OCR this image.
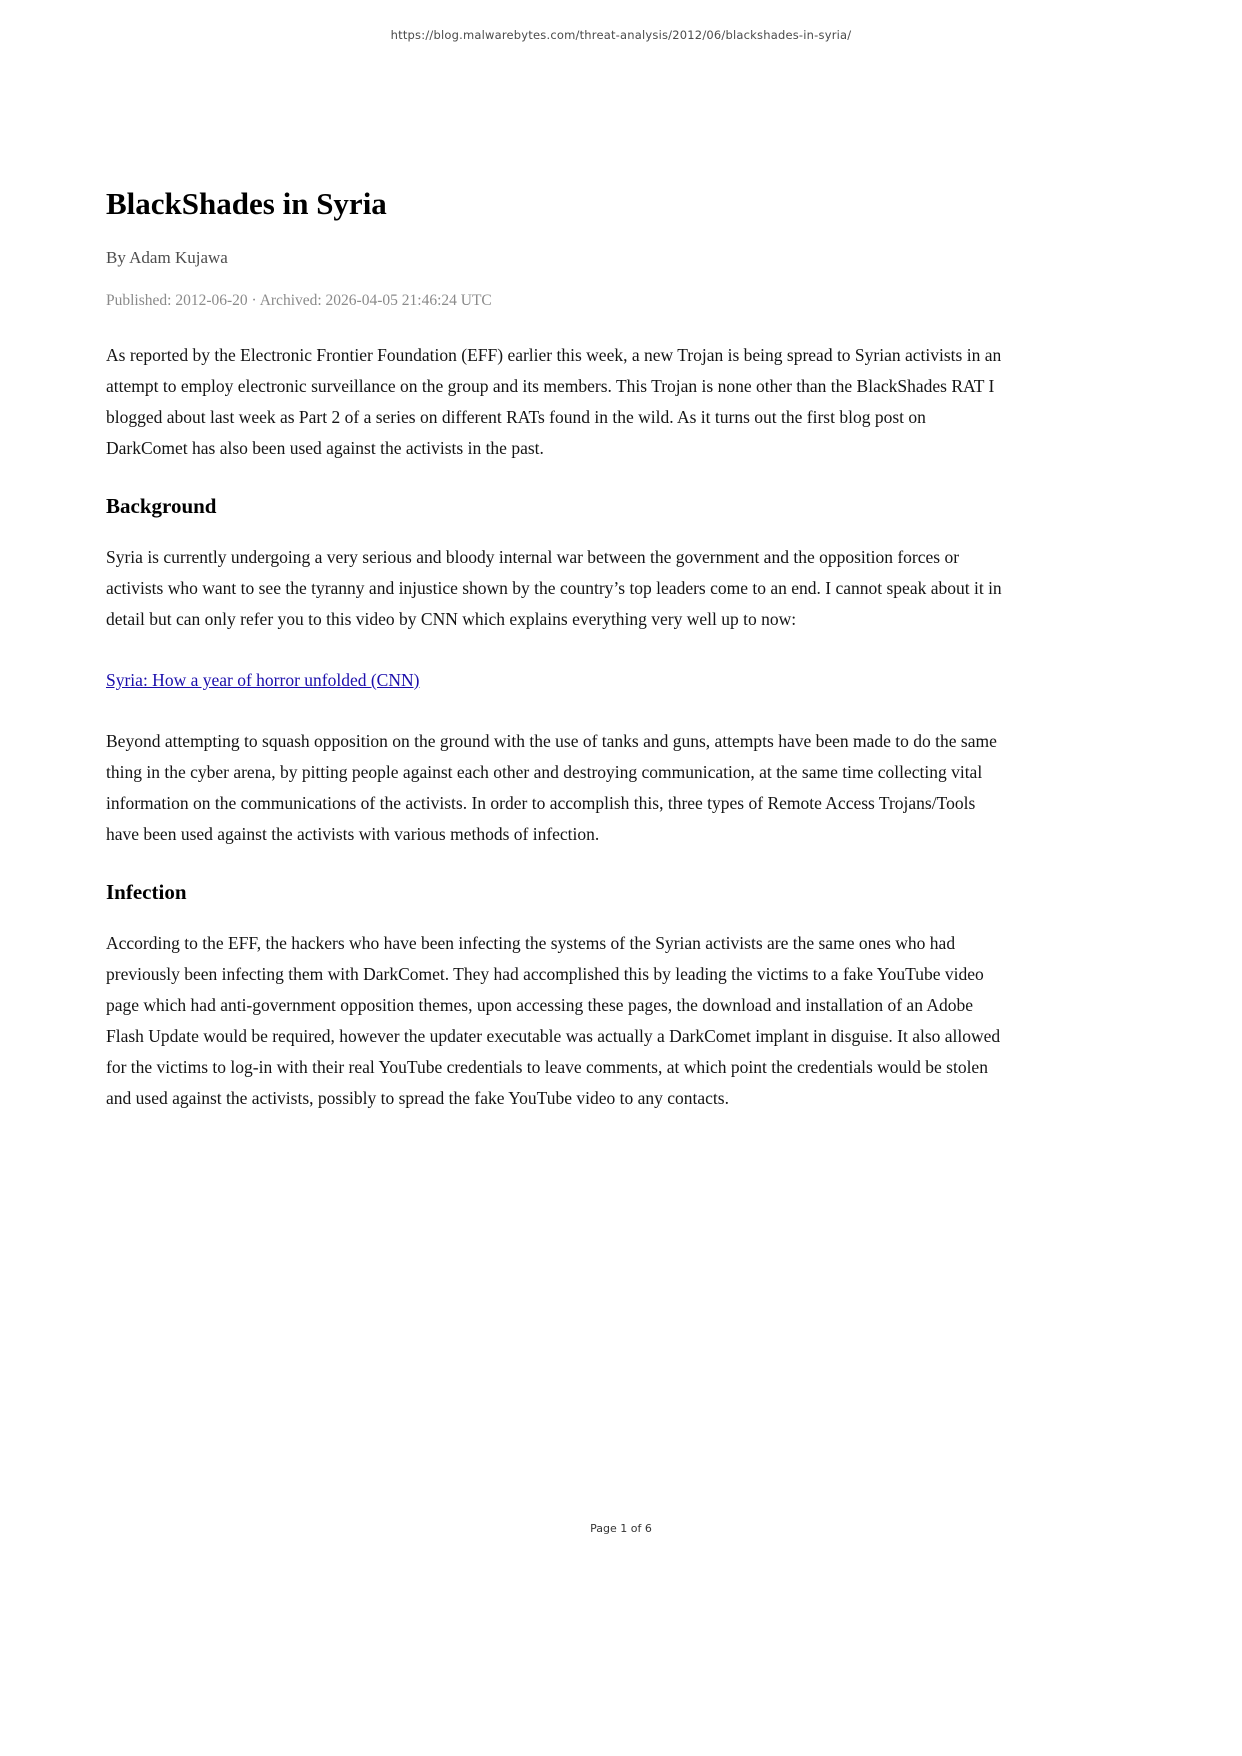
https://blog.malwarebytes.com/threat-analysis/2012/06/blackshades-in-syria/
BlackShades in Syria
By Adam Kujawa
Published: 2012-06-20 · Archived: 2026-04-05 21:46:24 UTC

As reported by the Electronic Frontier Foundation (EFF) earlier this week, a new Trojan is being spread to Syrian activists in an attempt to employ electronic surveillance on the group and its members. This Trojan is none other than the BlackShades RAT I blogged about last week as Part 2 of a series on different RATs found in the wild. As it turns out the first blog post on DarkComet has also been used against the activists in the past.

Background

Syria is currently undergoing a very serious and bloody internal war between the government and the opposition forces or activists who want to see the tyranny and injustice shown by the country’s top leaders come to an end. I cannot speak about it in detail but can only refer you to this video by CNN which explains everything very well up to now:

Syria: How a year of horror unfolded (CNN)

Beyond attempting to squash opposition on the ground with the use of tanks and guns, attempts have been made to do the same thing in the cyber arena, by pitting people against each other and destroying communication, at the same time collecting vital information on the communications of the activists. In order to accomplish this, three types of Remote Access Trojans/Tools have been used against the activists with various methods of infection.

Infection

According to the EFF, the hackers who have been infecting the systems of the Syrian activists are the same ones who had previously been infecting them with DarkComet. They had accomplished this by leading the victims to a fake YouTube video page which had anti-government opposition themes, upon accessing these pages, the download and installation of an Adobe Flash Update would be required, however the updater executable was actually a DarkComet implant in disguise. It also allowed for the victims to log-in with their real YouTube credentials to leave comments, at which point the credentials would be stolen and used against the activists, possibly to spread the fake YouTube video to any contacts.

Page 1 of 6
